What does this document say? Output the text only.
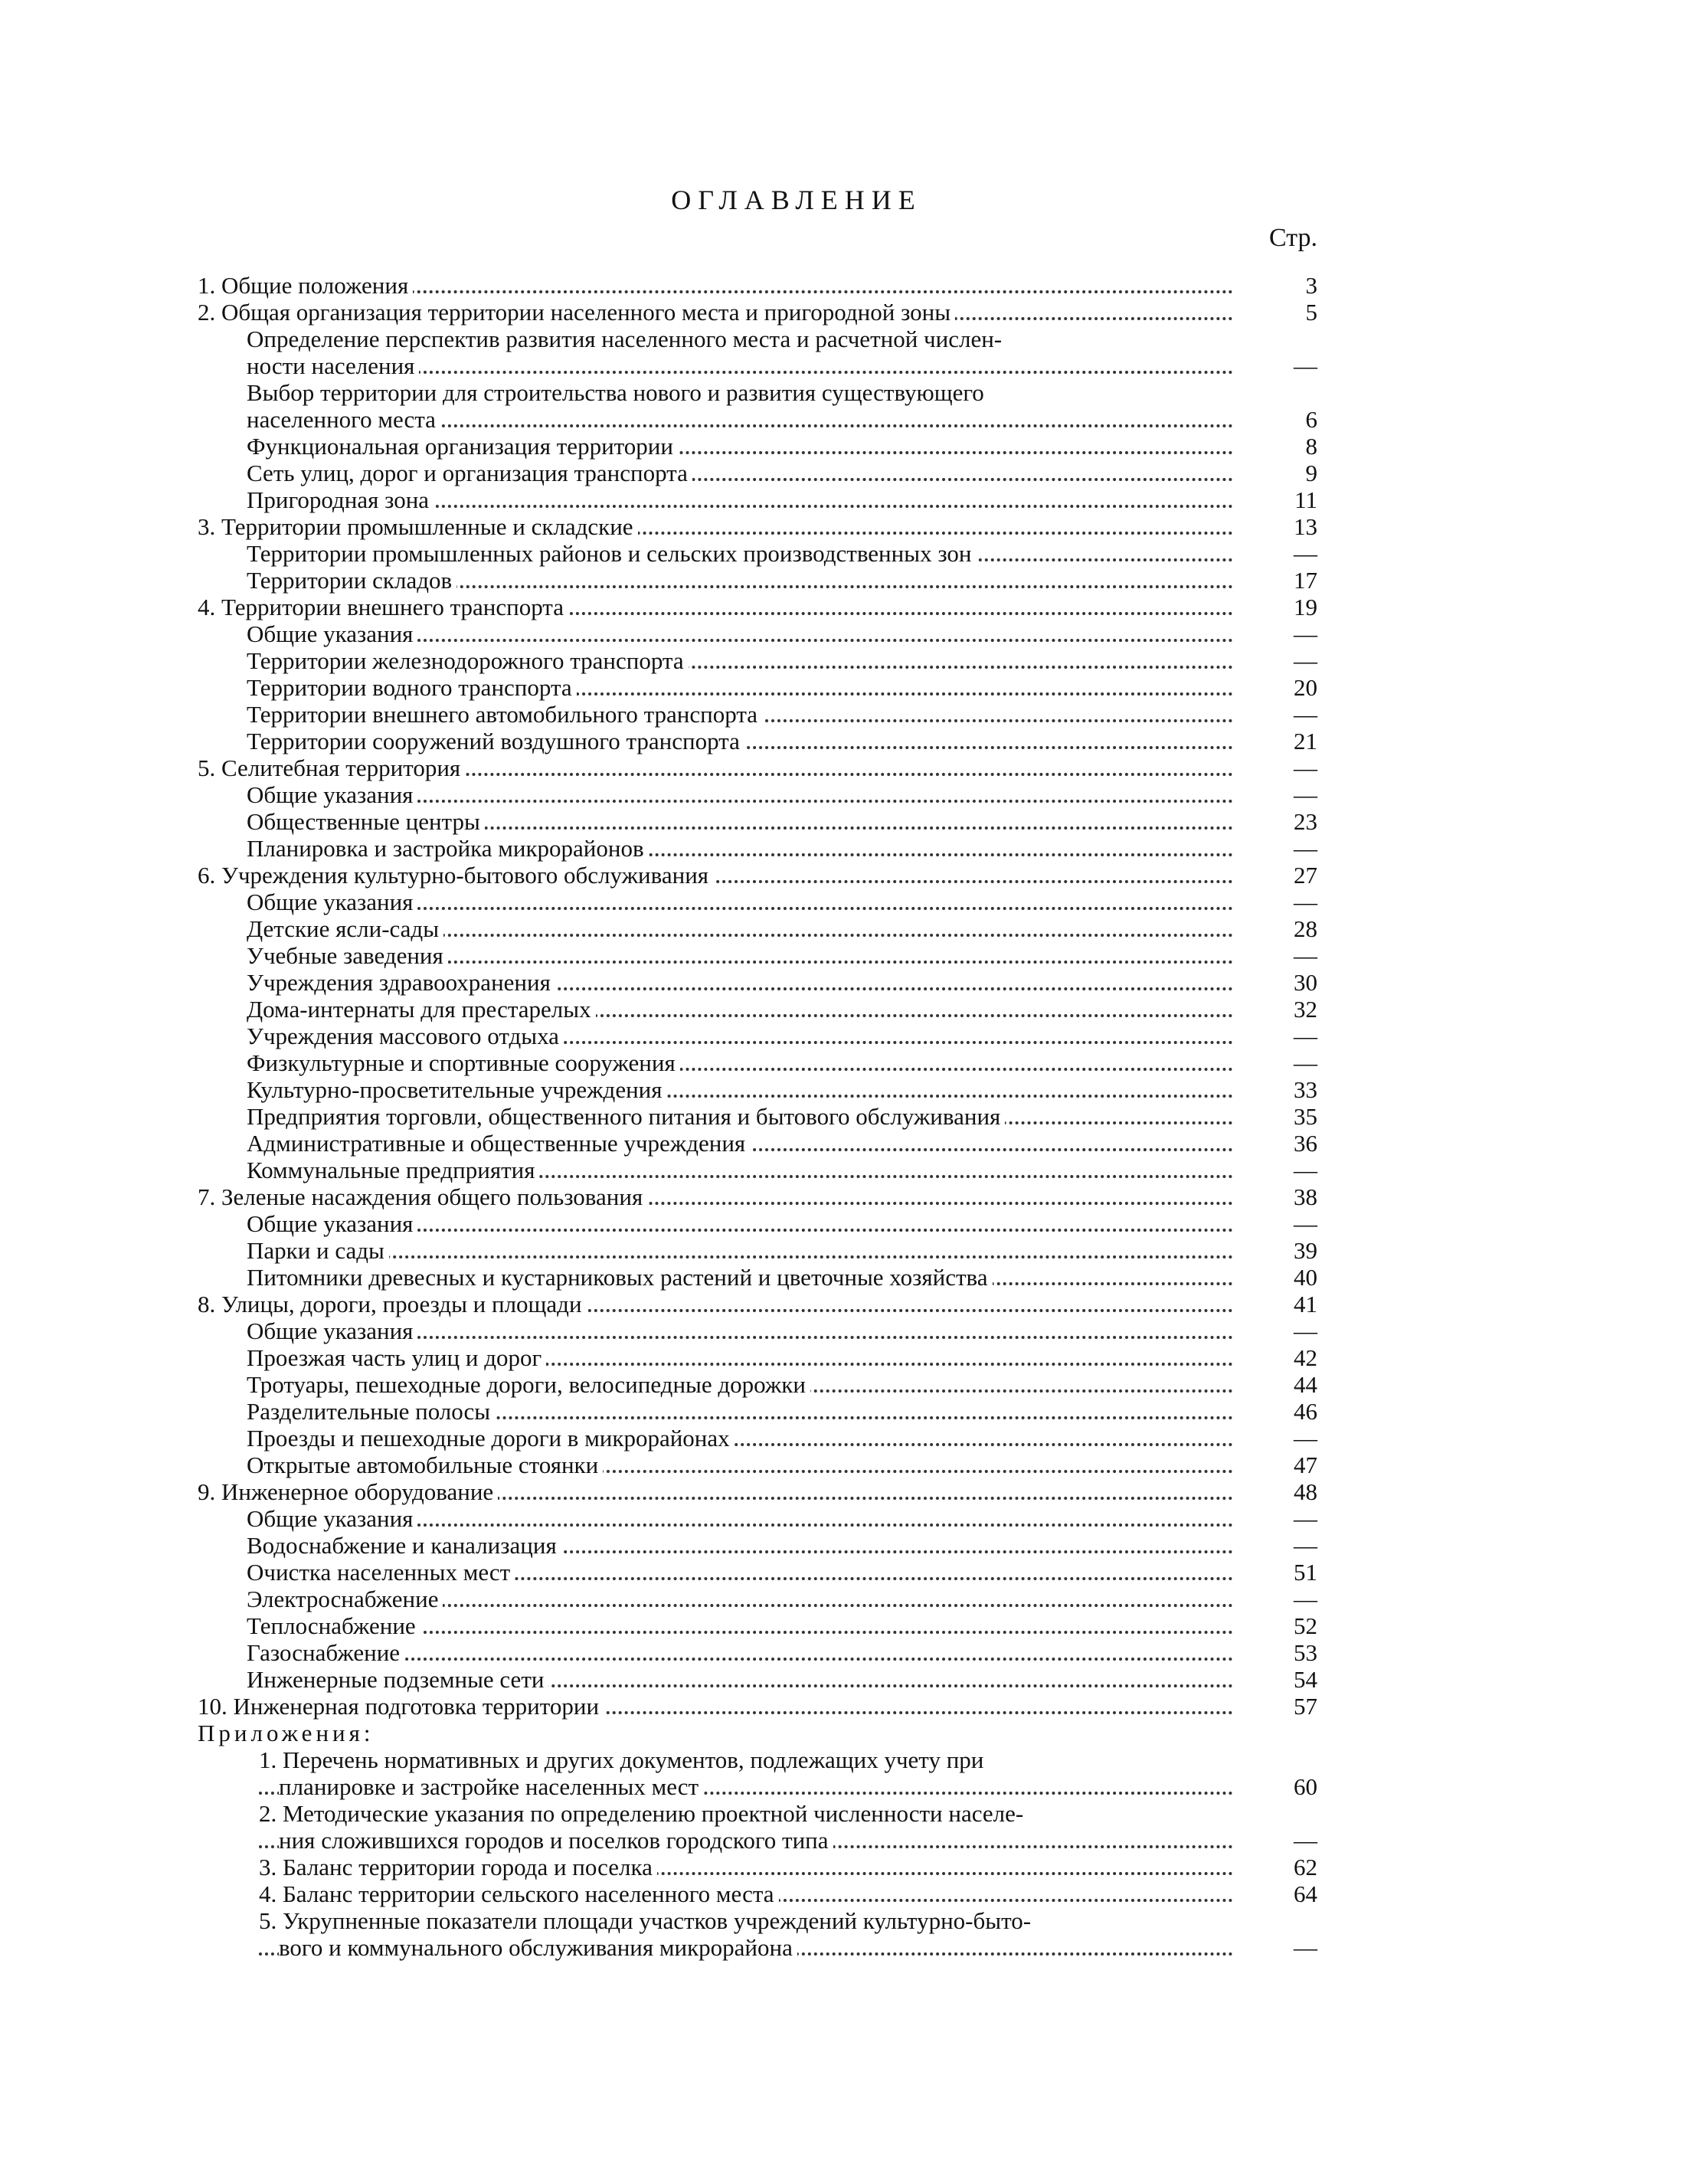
ОГЛАВЛЕНИЕ
Стр.
1. Общие положения	3
2. Общая организация территории населенного места и пригородной зоны	5
Определение перспектив развития населенного места и расчетной числен-
ности населения	—
Выбор территории для строительства нового и развития существующего
населенного места	6
Функциональная организация территории	8
Сеть улиц, дорог и организация транспорта	9
Пригородная зона	11
3. Территории промышленные и складские	13
Территории промышленных районов и сельских производственных зон	—
Территории складов	17
4. Территории внешнего транспорта	19
Общие указания	—
Территории железнодорожного транспорта	—
Территории водного транспорта	20
Территории внешнего автомобильного транспорта	—
Территории сооружений воздушного транспорта	21
5. Селитебная территория	—
Общие указания	—
Общественные центры	23
Планировка и застройка микрорайонов	—
6. Учреждения культурно-бытового обслуживания	27
Общие указания	—
Детские ясли-сады	28
Учебные заведения	—
Учреждения здравоохранения	30
Дома-интернаты для престарелых	32
Учреждения массового отдыха	—
Физкультурные и спортивные сооружения	—
Культурно-просветительные учреждения	33
Предприятия торговли, общественного питания и бытового обслуживания	35
Административные и общественные учреждения	36
Коммунальные предприятия	—
7. Зеленые насаждения общего пользования	38
Общие указания	—
Парки и сады	39
Питомники древесных и кустарниковых растений и цветочные хозяйства	40
8. Улицы, дороги, проезды и площади	41
Общие указания	—
Проезжая часть улиц и дорог	42
Тротуары, пешеходные дороги, велосипедные дорожки	44
Разделительные полосы	46
Проезды и пешеходные дороги в микрорайонах	—
Открытые автомобильные стоянки	47
9. Инженерное оборудование	48
Общие указания	—
Водоснабжение и канализация	—
Очистка населенных мест	51
Электроснабжение	—
Теплоснабжение	52
Газоснабжение	53
Инженерные подземные сети	54
10. Инженерная подготовка территории	57
Приложения:
1. Перечень нормативных и других документов, подлежащих учету при
планировке и застройке населенных мест	60
2. Методические указания по определению проектной численности населе-
ния сложившихся городов и поселков городского типа	—
3. Баланс территории города и поселка	62
4. Баланс территории сельского населенного места	64
5. Укрупненные показатели площади участков учреждений культурно-быто-
вого и коммунального обслуживания микрорайона	—
